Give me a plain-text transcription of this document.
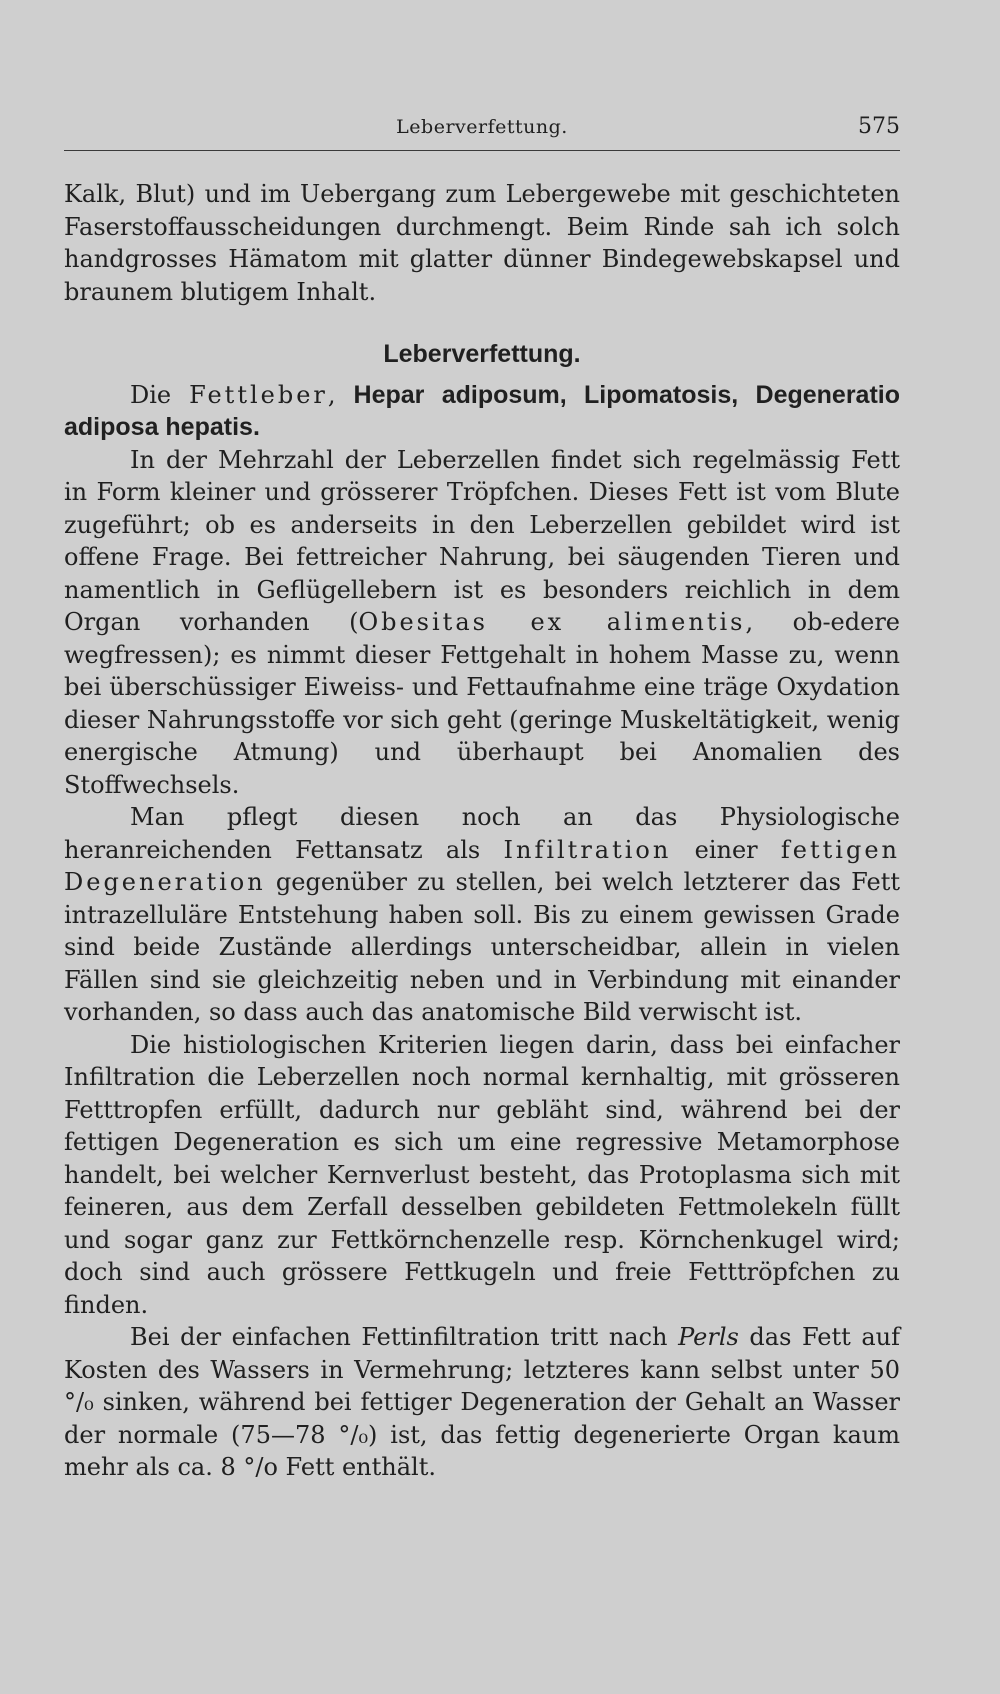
Leberverfettung.	575

Kalk, Blut) und im Uebergang zum Lebergewebe mit geschichteten Faserstoffausscheidungen durchmengt. Beim Rinde sah ich solch handgrosses Hämatom mit glatter dünner Bindegewebskapsel und braunem blutigem Inhalt.

Leberverfettung.

Die Fettleber, Hepar adiposum, Lipomatosis, Degeneratio adiposa hepatis.

In der Mehrzahl der Leberzellen findet sich regelmässig Fett in Form kleiner und grösserer Tröpfchen. Dieses Fett ist vom Blute zugeführt; ob es anderseits in den Leberzellen gebildet wird ist offene Frage. Bei fettreicher Nahrung, bei säugenden Tieren und namentlich in Geflügellebern ist es besonders reichlich in dem Organ vorhanden (Obesitas ex alimentis, ob-edere wegfressen); es nimmt dieser Fettgehalt in hohem Masse zu, wenn bei überschüssiger Eiweiss- und Fettaufnahme eine träge Oxydation dieser Nahrungsstoffe vor sich geht (geringe Muskeltätigkeit, wenig energische Atmung) und überhaupt bei Anomalien des Stoffwechsels.

Man pflegt diesen noch an das Physiologische heranreichenden Fettansatz als Infiltration einer fettigen Degeneration gegenüber zu stellen, bei welch letzterer das Fett intrazelluläre Entstehung haben soll. Bis zu einem gewissen Grade sind beide Zustände allerdings unterscheidbar, allein in vielen Fällen sind sie gleichzeitig neben und in Verbindung mit einander vorhanden, so dass auch das anatomische Bild verwischt ist.

Die histiologischen Kriterien liegen darin, dass bei einfacher Infiltration die Leberzellen noch normal kernhaltig, mit grösseren Fetttropfen erfüllt, dadurch nur gebläht sind, während bei der fettigen Degeneration es sich um eine regressive Metamorphose handelt, bei welcher Kernverlust besteht, das Protoplasma sich mit feineren, aus dem Zerfall desselben gebildeten Fettmolekeln füllt und sogar ganz zur Fettkörnchenzelle resp. Körnchenkugel wird; doch sind auch grössere Fettkugeln und freie Fetttröpfchen zu finden.

Bei der einfachen Fettinfiltration tritt nach Perls das Fett auf Kosten des Wassers in Vermehrung; letzteres kann selbst unter 50 °/₀ sinken, während bei fettiger Degeneration der Gehalt an Wasser der normale (75—78 °/₀) ist, das fettig degenerierte Organ kaum mehr als ca. 8 °/o Fett enthält.
